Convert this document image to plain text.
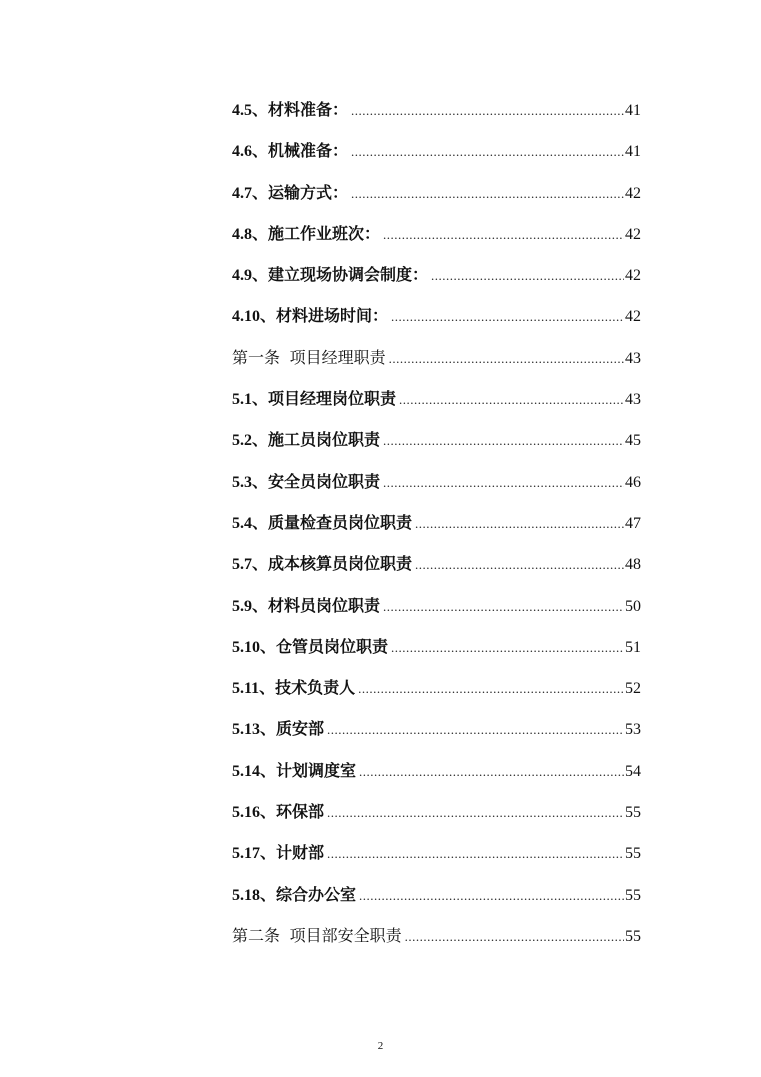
4.5、 材料准备： .....	41
4.6、 机械准备： .....	41
4.7、 运输方式： .....	42
4.8、 施工作业班次： .....	42
4.9、 建立现场协调会制度： .....	42
4.10、 材料进场时间： .....	42
第一条 项目经理职责 .....	43
5.1、 项目经理岗位职责 .....	43
5.2、 施工员岗位职责 .....	45
5.3、 安全员岗位职责 .....	46
5.4、 质量检查员岗位职责 .....	47
5.7、 成本核算员岗位职责 .....	48
5.9、 材料员岗位职责 .....	50
5.10、 仓管员岗位职责 .....	51
5.11、 技术负责人 .....	52
5.13、 质安部 .....	53
5.14、 计划调度室 .....	54
5.16、 环保部 .....	55
5.17、 计财部 .....	55
5.18、 综合办公室 .....	55
第二条 项目部安全职责 .....	55
2
